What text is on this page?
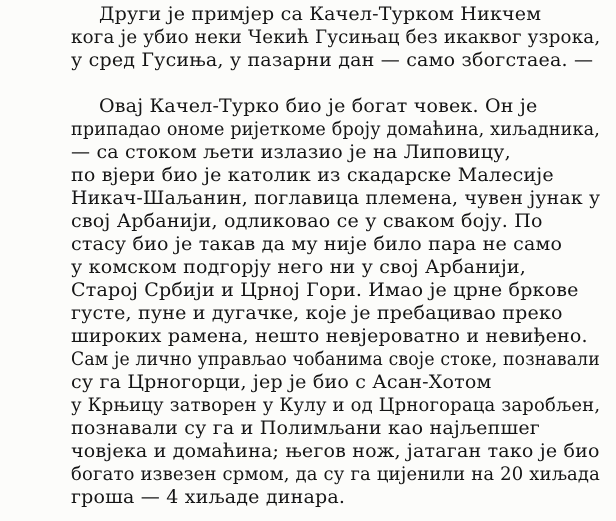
Други је примјер са Качел-Турком Никчем
кога је убио неки Чекић Гусињац без икаквог узрока,
у сред Гусиња, у пазарни дан — само збогстаеа. —
Овај Качел-Турко био је богат човек. Он је
припадао ономе ријеткоме броју домаћина, хиљадника,
— са стоком љети излазио је на Липовицу,
по вјери био је католик из скадарске Малесије
Никач-Шаљанин, поглавица племена, чувен јунак у
свој Арбанији, одликовао се у сваком боју. По
стасу био је такав да му није било пара не само
у комском подгорју него ни у свој Арбанији,
Старој Србији и Црној Гори. Имао је црне бркове
густе, пуне и дугачке, које је пребацивао преко
широких рамена, нешто невјероватно и невиђено.
Сам је лично управљао чобанима своје стоке, познавали
су га Црногорци, јер је био с Асан-Хотом
у Крњицу затворен у Кулу и од Црногораца заробљен,
познавали су га и Полимљани као најљепшег
човјека и домаћина; његов нож, јатаган тако је био
богато извезен срмом, да су га цијенили на 20 хиљада
гроша — 4 хиљаде динара.
